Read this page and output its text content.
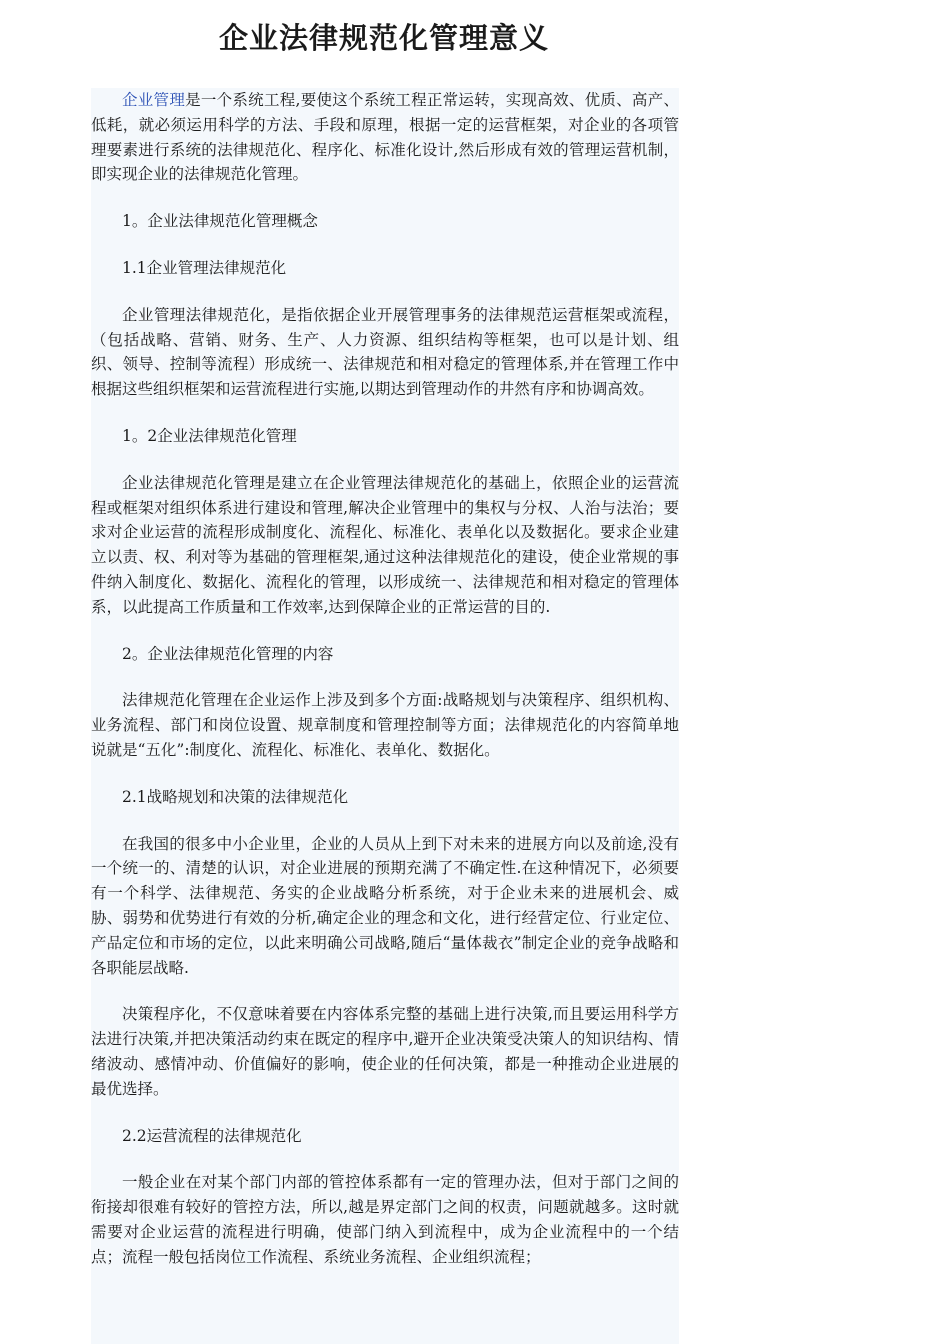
企业法律规范化管理意义

企业管理是一个系统工程,要使这个系统工程正常运转，实现高效、优质、高产、低耗，就必须运用科学的方法、手段和原理，根据一定的运营框架，对企业的各项管理要素进行系统的法律规范化、程序化、标准化设计,然后形成有效的管理运营机制，即实现企业的法律规范化管理。

1。企业法律规范化管理概念

1.1企业管理法律规范化

企业管理法律规范化，是指依据企业开展管理事务的法律规范运营框架或流程，（包括战略、营销、财务、生产、人力资源、组织结构等框架，也可以是计划、组织、领导、控制等流程）形成统一、法律规范和相对稳定的管理体系,并在管理工作中根据这些组织框架和运营流程进行实施,以期达到管理动作的井然有序和协调高效。

1。2企业法律规范化管理

企业法律规范化管理是建立在企业管理法律规范化的基础上，依照企业的运营流程或框架对组织体系进行建设和管理,解决企业管理中的集权与分权、人治与法治；要求对企业运营的流程形成制度化、流程化、标准化、表单化以及数据化。要求企业建立以责、权、利对等为基础的管理框架,通过这种法律规范化的建设，使企业常规的事件纳入制度化、数据化、流程化的管理，以形成统一、法律规范和相对稳定的管理体系，以此提高工作质量和工作效率,达到保障企业的正常运营的目的.

2。企业法律规范化管理的内容

法律规范化管理在企业运作上涉及到多个方面:战略规划与决策程序、组织机构、业务流程、部门和岗位设置、规章制度和管理控制等方面；法律规范化的内容简单地说就是“五化”:制度化、流程化、标准化、表单化、数据化。

2.1战略规划和决策的法律规范化

在我国的很多中小企业里，企业的人员从上到下对未来的进展方向以及前途,没有一个统一的、清楚的认识，对企业进展的预期充满了不确定性.在这种情况下，必须要有一个科学、法律规范、务实的企业战略分析系统，对于企业未来的进展机会、威胁、弱势和优势进行有效的分析,确定企业的理念和文化，进行经营定位、行业定位、产品定位和市场的定位，以此来明确公司战略,随后“量体裁衣”制定企业的竞争战略和各职能层战略.

决策程序化，不仅意味着要在内容体系完整的基础上进行决策,而且要运用科学方法进行决策,并把决策活动约束在既定的程序中,避开企业决策受决策人的知识结构、情绪波动、感情冲动、价值偏好的影响，使企业的任何决策，都是一种推动企业进展的最优选择。

2.2运营流程的法律规范化

一般企业在对某个部门内部的管控体系都有一定的管理办法，但对于部门之间的衔接却很难有较好的管控方法，所以,越是界定部门之间的权责，问题就越多。这时就需要对企业运营的流程进行明确，使部门纳入到流程中，成为企业流程中的一个结点；流程一般包括岗位工作流程、系统业务流程、企业组织流程；
